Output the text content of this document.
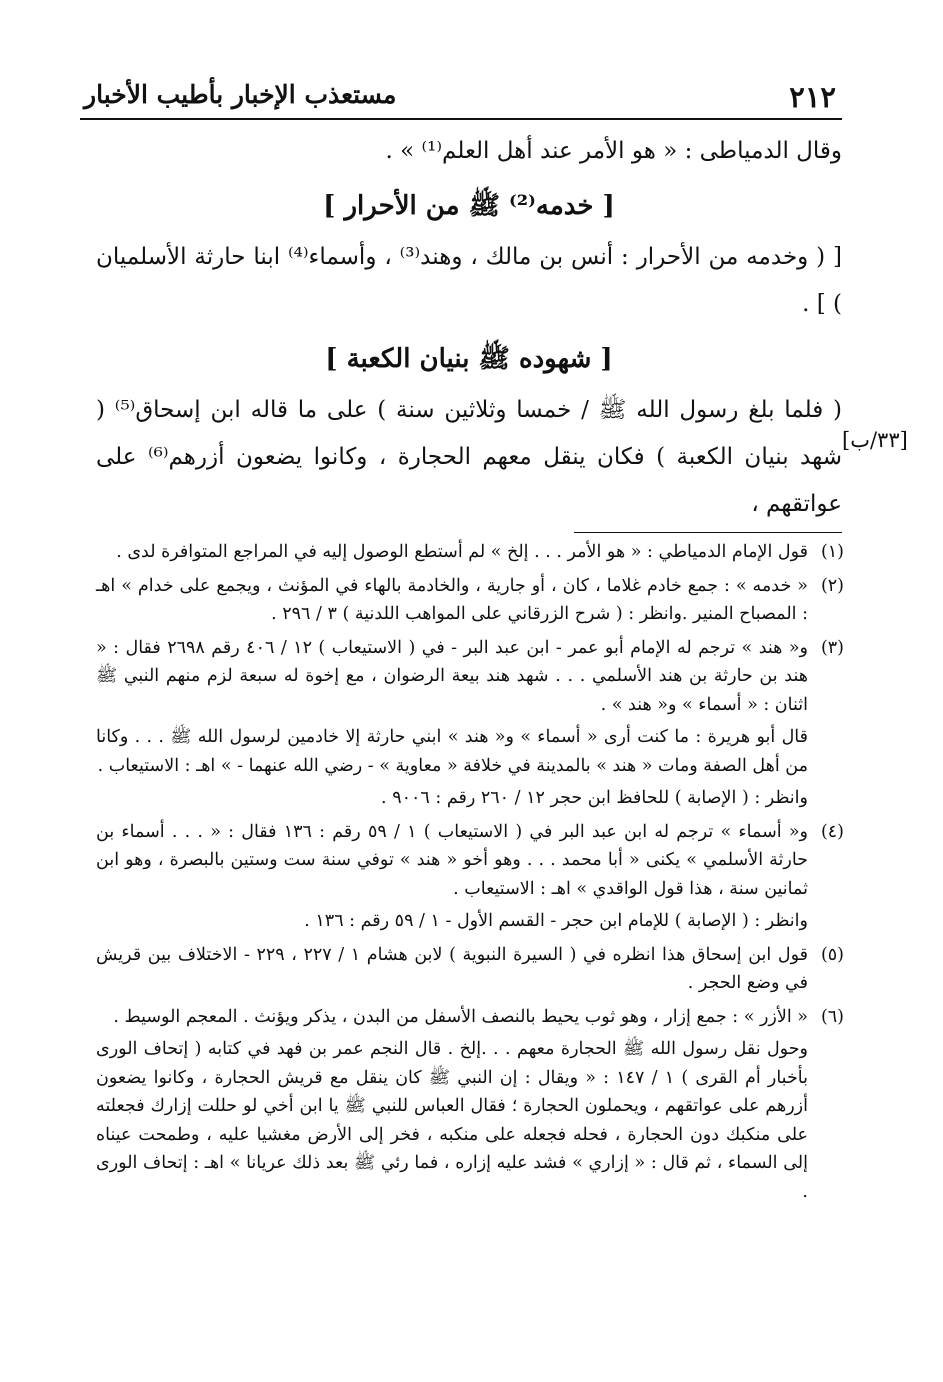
٢١٢
مستعذب الإخبار بأطيب الأخبار
[٣٣/ب]

وقال الدمياطى : « هو الأمر عند أهل العلم⁽¹⁾ » .

[ خدمه⁽²⁾ ﷺ من الأحرار ]

[ ( وخدمه من الأحرار : أنس بن مالك ، وهند⁽³⁾ ، وأسماء⁽⁴⁾ ابنا حارثة الأسلميان ) ] .

[ شهوده ﷺ بنيان الكعبة ]

( فلما بلغ رسول الله ﷺ / خمسا وثلاثين سنة ) على ما قاله ابن إسحاق⁽⁵⁾ ( شهد بنيان الكعبة ) فكان ينقل معهم الحجارة ، وكانوا يضعون أزرهم⁽⁶⁾ على عواتقهم ،

(١)

قول الإمام الدمياطي : « هو الأمر . . . إلخ » لم أستطع الوصول إليه في المراجع المتوافرة لدى .

(٢)

« خدمه » : جمع خادم غلاما ، كان ، أو جارية ، والخادمة بالهاء في المؤنث ، ويجمع على خدام » اهـ : المصباح المنير .وانظر : ( شرح الزرقاني على المواهب اللدنية ) ٣ / ٢٩٦ .

(٣)

و« هند » ترجم له الإمام أبو عمر - ابن عبد البر - في ( الاستيعاب ) ١٢ / ٤٠٦ رقم ٢٦٩٨ فقال : « هند بن حارثة بن هند الأسلمي . . . شهد هند بيعة الرضوان ، مع إخوة له سبعة لزم منهم النبي ﷺ اثنان : « أسماء » و« هند » .

قال أبو هريرة : ما كنت أرى « أسماء » و« هند » ابني حارثة إلا خادمين لرسول الله ﷺ . . . وكانا من أهل الصفة ومات « هند » بالمدينة في خلافة « معاوية » - رضي الله عنهما - » اهـ : الاستيعاب .

وانظر : ( الإصابة ) للحافظ ابن حجر ١٢ / ٢٦٠ رقم : ٩٠٠٦ .

(٤)

و« أسماء » ترجم له ابن عبد البر في ( الاستيعاب ) ١ / ٥٩ رقم : ١٣٦ فقال : « . . . أسماء بن حارثة الأسلمي » يكنى « أبا محمد . . . وهو أخو « هند » توفي سنة ست وستين بالبصرة ، وهو ابن ثمانين سنة ، هذا قول الواقدي » اهـ : الاستيعاب .

وانظر : ( الإصابة ) للإمام ابن حجر - القسم الأول - ١ / ٥٩ رقم : ١٣٦ .

(٥)

قول ابن إسحاق هذا انظره في ( السيرة النبوية ) لابن هشام ١ / ٢٢٧ ، ٢٢٩ - الاختلاف بين قريش في وضع الحجر .

(٦)

« الأزر » : جمع إزار ، وهو ثوب يحيط بالنصف الأسفل من البدن ، يذكر ويؤنث . المعجم الوسيط .

وحول نقل رسول الله ﷺ الحجارة معهم . . .إلخ . قال النجم عمر بن فهد في كتابه ( إتحاف الورى بأخبار أم القرى ) ١ / ١٤٧ : « ويقال : إن النبي ﷺ كان ينقل مع قريش الحجارة ، وكانوا يضعون أزرهم على عواتقهم ، ويحملون الحجارة ؛ فقال العباس للنبي ﷺ يا ابن أخي لو حللت إزارك فجعلته على منكبك دون الحجارة ، فحله فجعله على منكبه ، فخر إلى الأرض مغشيا عليه ، وطمحت عيناه إلى السماء ، ثم قال : « إزاري » فشد عليه إزاره ، فما رئي ﷺ بعد ذلك عريانا » اهـ : إتحاف الورى .
